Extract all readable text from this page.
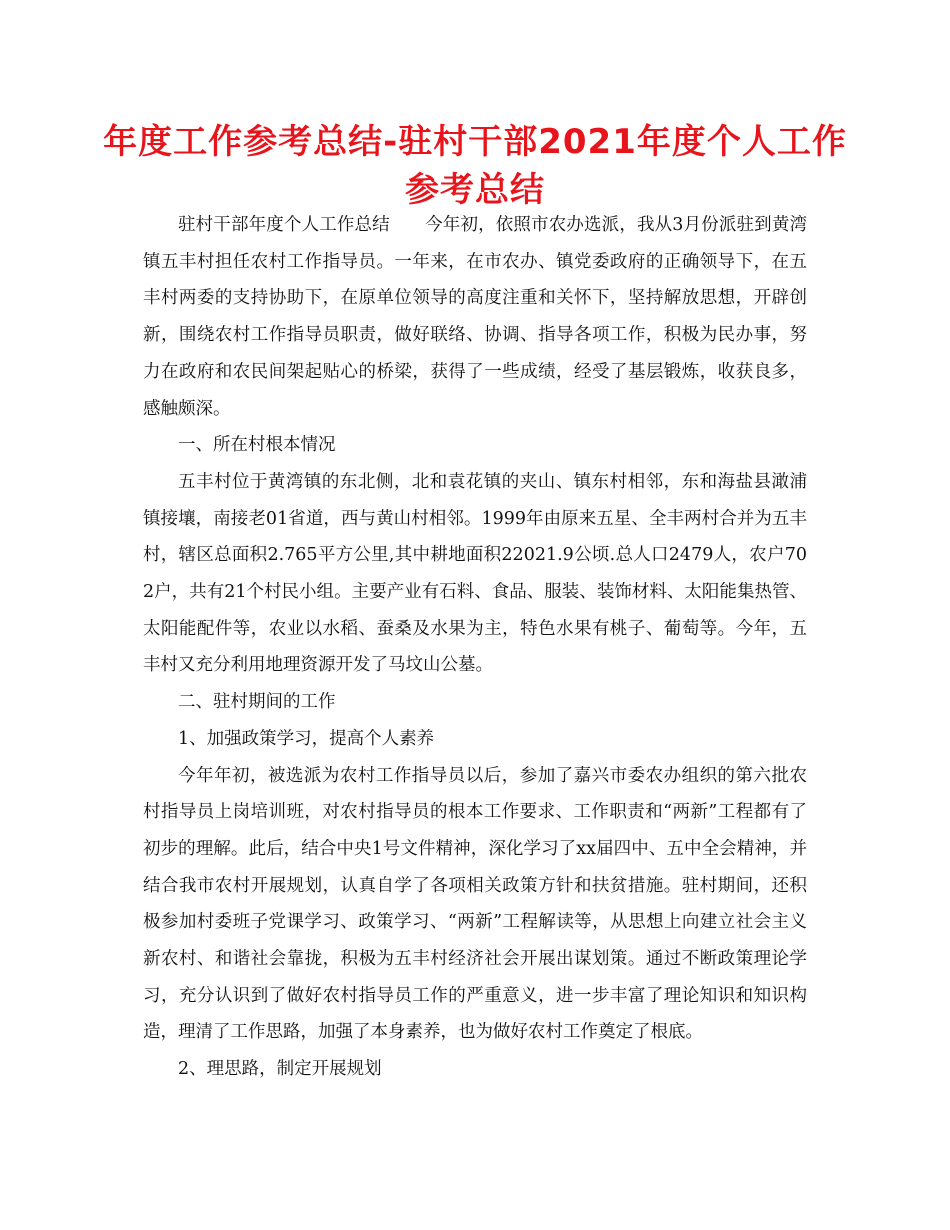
年度工作参考总结-驻村干部2021年度个人工作参考总结

驻村干部年度个人工作总结　　今年初，依照市农办选派，我从3月份派驻到黄湾镇五丰村担任农村工作指导员。一年来，在市农办、镇党委政府的正确领导下，在五丰村两委的支持协助下，在原单位领导的高度注重和关怀下，坚持解放思想，开辟创新，围绕农村工作指导员职责，做好联络、协调、指导各项工作，积极为民办事，努力在政府和农民间架起贴心的桥梁，获得了一些成绩，经受了基层锻炼，收获良多，感触颇深。

一、所在村根本情况

五丰村位于黄湾镇的东北侧，北和袁花镇的夹山、镇东村相邻，东和海盐县澉浦镇接壤，南接老01省道，西与黄山村相邻。1999年由原来五星、全丰两村合并为五丰村，辖区总面积2.765平方公里,其中耕地面积22021.9公顷.总人口2479人，农户702户，共有21个村民小组。主要产业有石料、食品、服装、装饰材料、太阳能集热管、太阳能配件等，农业以水稻、蚕桑及水果为主，特色水果有桃子、葡萄等。今年，五丰村又充分利用地理资源开发了马坟山公墓。

二、驻村期间的工作

1、加强政策学习，提高个人素养

今年年初，被选派为农村工作指导员以后，参加了嘉兴市委农办组织的第六批农村指导员上岗培训班，对农村指导员的根本工作要求、工作职责和“两新”工程都有了初步的理解。此后，结合中央1号文件精神，深化学习了xx届四中、五中全会精神，并结合我市农村开展规划，认真自学了各项相关政策方针和扶贫措施。驻村期间，还积极参加村委班子党课学习、政策学习、“两新”工程解读等，从思想上向建立社会主义新农村、和谐社会靠拢，积极为五丰村经济社会开展出谋划策。通过不断政策理论学习，充分认识到了做好农村指导员工作的严重意义，进一步丰富了理论知识和知识构造，理清了工作思路，加强了本身素养，也为做好农村工作奠定了根底。

2、理思路，制定开展规划
